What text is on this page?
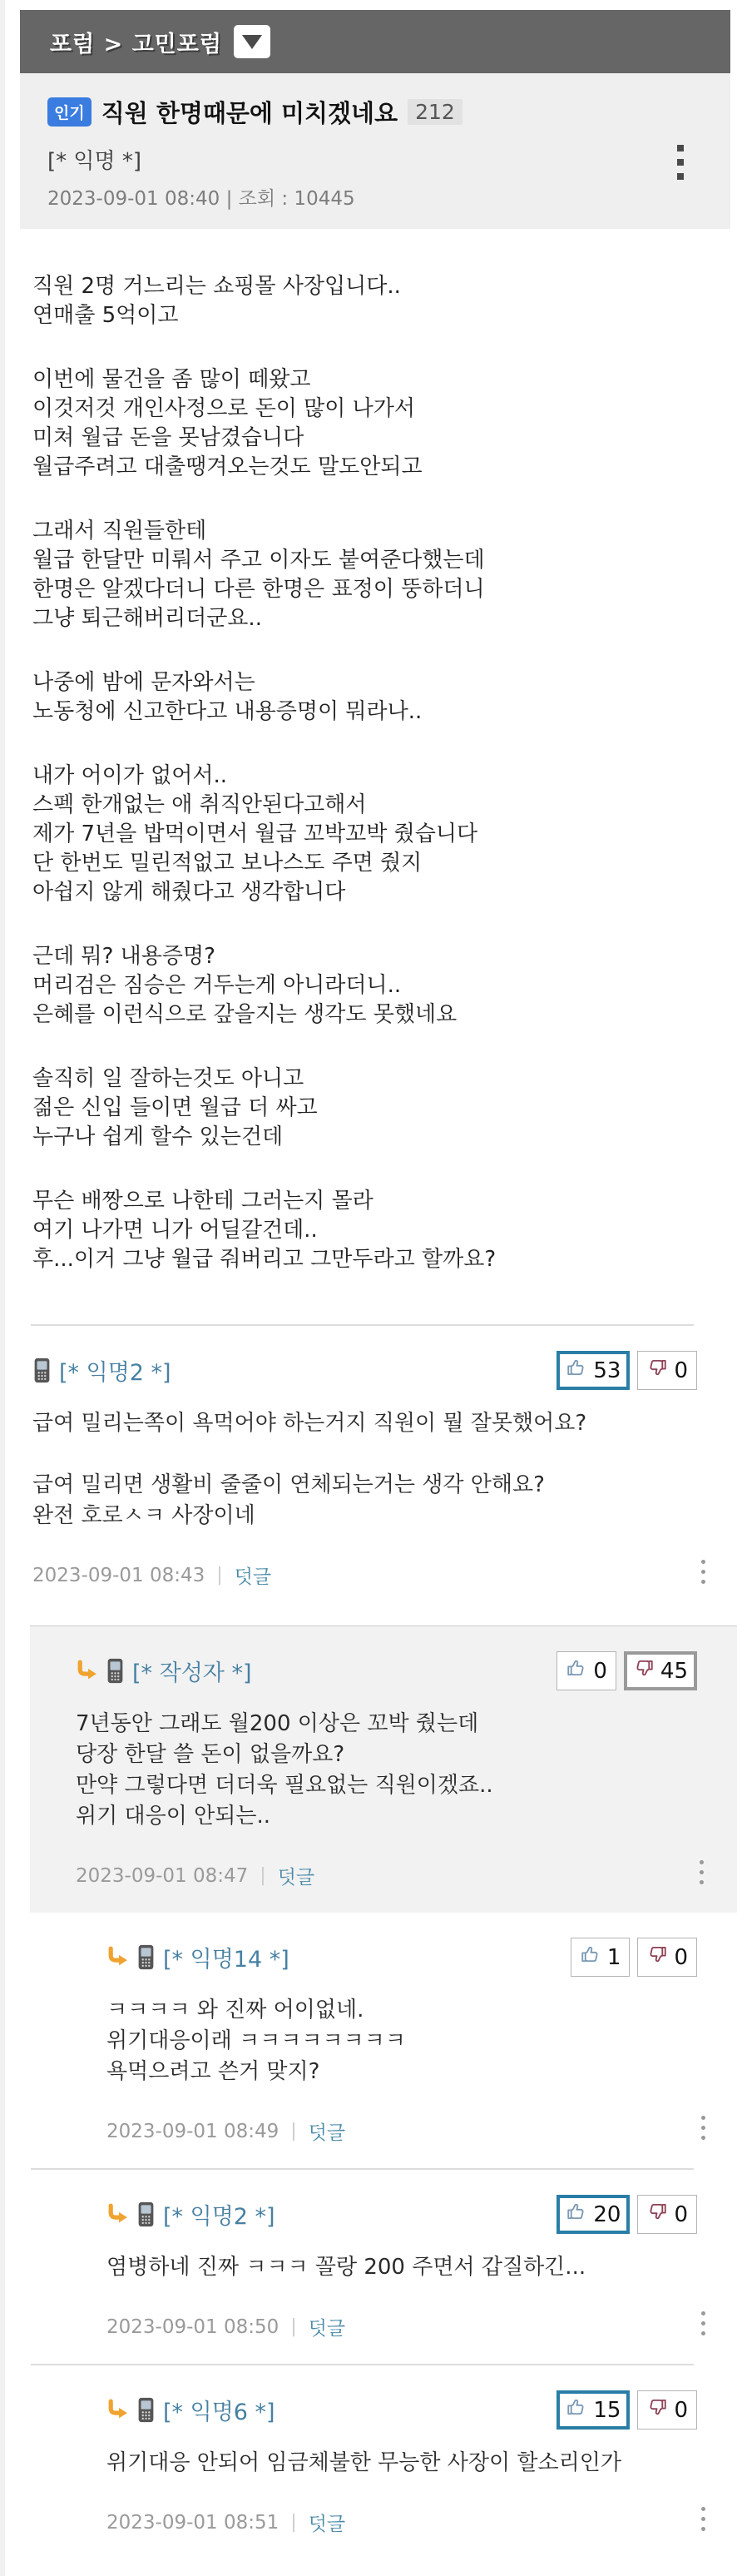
포럼 > 고민포럼
인기 직원 한명때문에 미치겠네요 212
[* 익명 *]
2023-09-01 08:40 | 조회 : 10445
직원 2명 거느리는 쇼핑몰 사장입니다..
연매출 5억이고
이번에 물건을 좀 많이 떼왔고
이것저것 개인사정으로 돈이 많이 나가서
미쳐 월급 돈을 못남겼습니다
월급주려고 대출땡겨오는것도 말도안되고
그래서 직원들한테
월급 한달만 미뤄서 주고 이자도 붙여준다했는데
한명은 알겠다더니 다른 한명은 표정이 뚱하더니
그냥 퇴근해버리더군요..
나중에 밤에 문자와서는
노동청에 신고한다고 내용증명이 뭐라나..
내가 어이가 없어서..
스펙 한개없는 애 취직안된다고해서
제가 7년을 밥먹이면서 월급 꼬박꼬박 줬습니다
단 한번도 밀린적없고 보나스도 주면 줬지
아쉽지 않게 해줬다고 생각합니다
근데 뭐? 내용증명?
머리검은 짐승은 거두는게 아니라더니..
은혜를 이런식으로 갚을지는 생각도 못했네요
솔직히 일 잘하는것도 아니고
젊은 신입 들이면 월급 더 싸고
누구나 쉽게 할수 있는건데
무슨 배짱으로 나한테 그러는지 몰라
여기 나가면 니가 어딜갈건데..
후...이거 그냥 월급 줘버리고 그만두라고 할까요?
[* 익명2 *]	53 0
급여 밀리는쪽이 욕먹어야 하는거지 직원이 뭘 잘못했어요?

급여 밀리면 생활비 줄줄이 연체되는거는 생각 안해요?
완전 호로ㅅㅋ 사장이네
2023-09-01 08:43 | 덧글
[* 작성자 *]	0 45
7년동안 그래도 월200 이상은 꼬박 줬는데
당장 한달 쓸 돈이 없을까요?
만약 그렇다면 더더욱 필요없는 직원이겠죠..
위기 대응이 안되는..
2023-09-01 08:47 | 덧글
[* 익명14 *]	1 0
ㅋㅋㅋㅋ 와 진짜 어이없네.
위기대응이래 ㅋㅋㅋㅋㅋㅋㅋㅋ
욕먹으려고 쓴거 맞지?
2023-09-01 08:49 | 덧글
[* 익명2 *]	20 0
염병하네 진짜 ㅋㅋㅋ 꼴랑 200 주면서 갑질하긴...
2023-09-01 08:50 | 덧글
[* 익명6 *]	15 0
위기대응 안되어 임금체불한 무능한 사장이 할소리인가
2023-09-01 08:51 | 덧글
